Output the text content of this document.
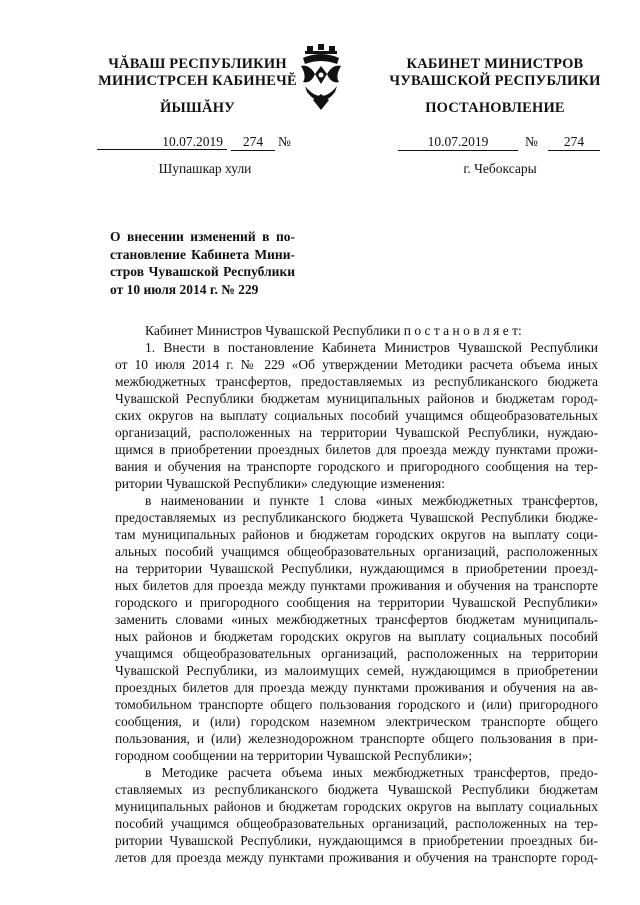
ЧĂВАШ РЕСПУБЛИКИН
МИНИСТРСЕН КАБИНЕЧĔ
ЙЫШĂНУ
КАБИНЕТ МИНИСТРОВ
ЧУВАШСКОЙ РЕСПУБЛИКИ
ПОСТАНОВЛЕНИЕ
10.07.2019	274	№	10.07.2019	№	274
Шупашкар хули	г. Чебоксары
О внесении изменений в по-
становление Кабинета Мини-
стров Чувашской Республики
от 10 июля 2014 г. № 229
Кабинет Министров Чувашской Республики п о с т а н о в л я е т:
1. Внести в постановление Кабинета Министров Чувашской Республики
от 10 июля 2014 г. № 229 «Об утверждении Методики расчета объема иных
межбюджетных трансфертов, предоставляемых из республиканского бюджета
Чувашской Республики бюджетам муниципальных районов и бюджетам город-
ских округов на выплату социальных пособий учащимся общеобразовательных
организаций, расположенных на территории Чувашской Республики, нуждаю-
щимся в приобретении проездных билетов для проезда между пунктами прожи-
вания и обучения на транспорте городского и пригородного сообщения на тер-
ритории Чувашской Республики» следующие изменения:
в наименовании и пункте 1 слова «иных межбюджетных трансфертов,
предоставляемых из республиканского бюджета Чувашской Республики бюдже-
там муниципальных районов и бюджетам городских округов на выплату соци-
альных пособий учащимся общеобразовательных организаций, расположенных
на территории Чувашской Республики, нуждающимся в приобретении проезд-
ных билетов для проезда между пунктами проживания и обучения на транспорте
городского и пригородного сообщения на территории Чувашской Республики»
заменить словами «иных межбюджетных трансфертов бюджетам муниципаль-
ных районов и бюджетам городских округов на выплату социальных пособий
учащимся общеобразовательных организаций, расположенных на территории
Чувашской Республики, из малоимущих семей, нуждающимся в приобретении
проездных билетов для проезда между пунктами проживания и обучения на ав-
томобильном транспорте общего пользования городского и (или) пригородного
сообщения, и (или) городском наземном электрическом транспорте общего
пользования, и (или) железнодорожном транспорте общего пользования в при-
городном сообщении на территории Чувашской Республики»;
в Методике расчета объема иных межбюджетных трансфертов, предо-
ставляемых из республиканского бюджета Чувашской Республики бюджетам
муниципальных районов и бюджетам городских округов на выплату социальных
пособий учащимся общеобразовательных организаций, расположенных на тер-
ритории Чувашской Республики, нуждающимся в приобретении проездных би-
летов для проезда между пунктами проживания и обучения на транспорте город-
